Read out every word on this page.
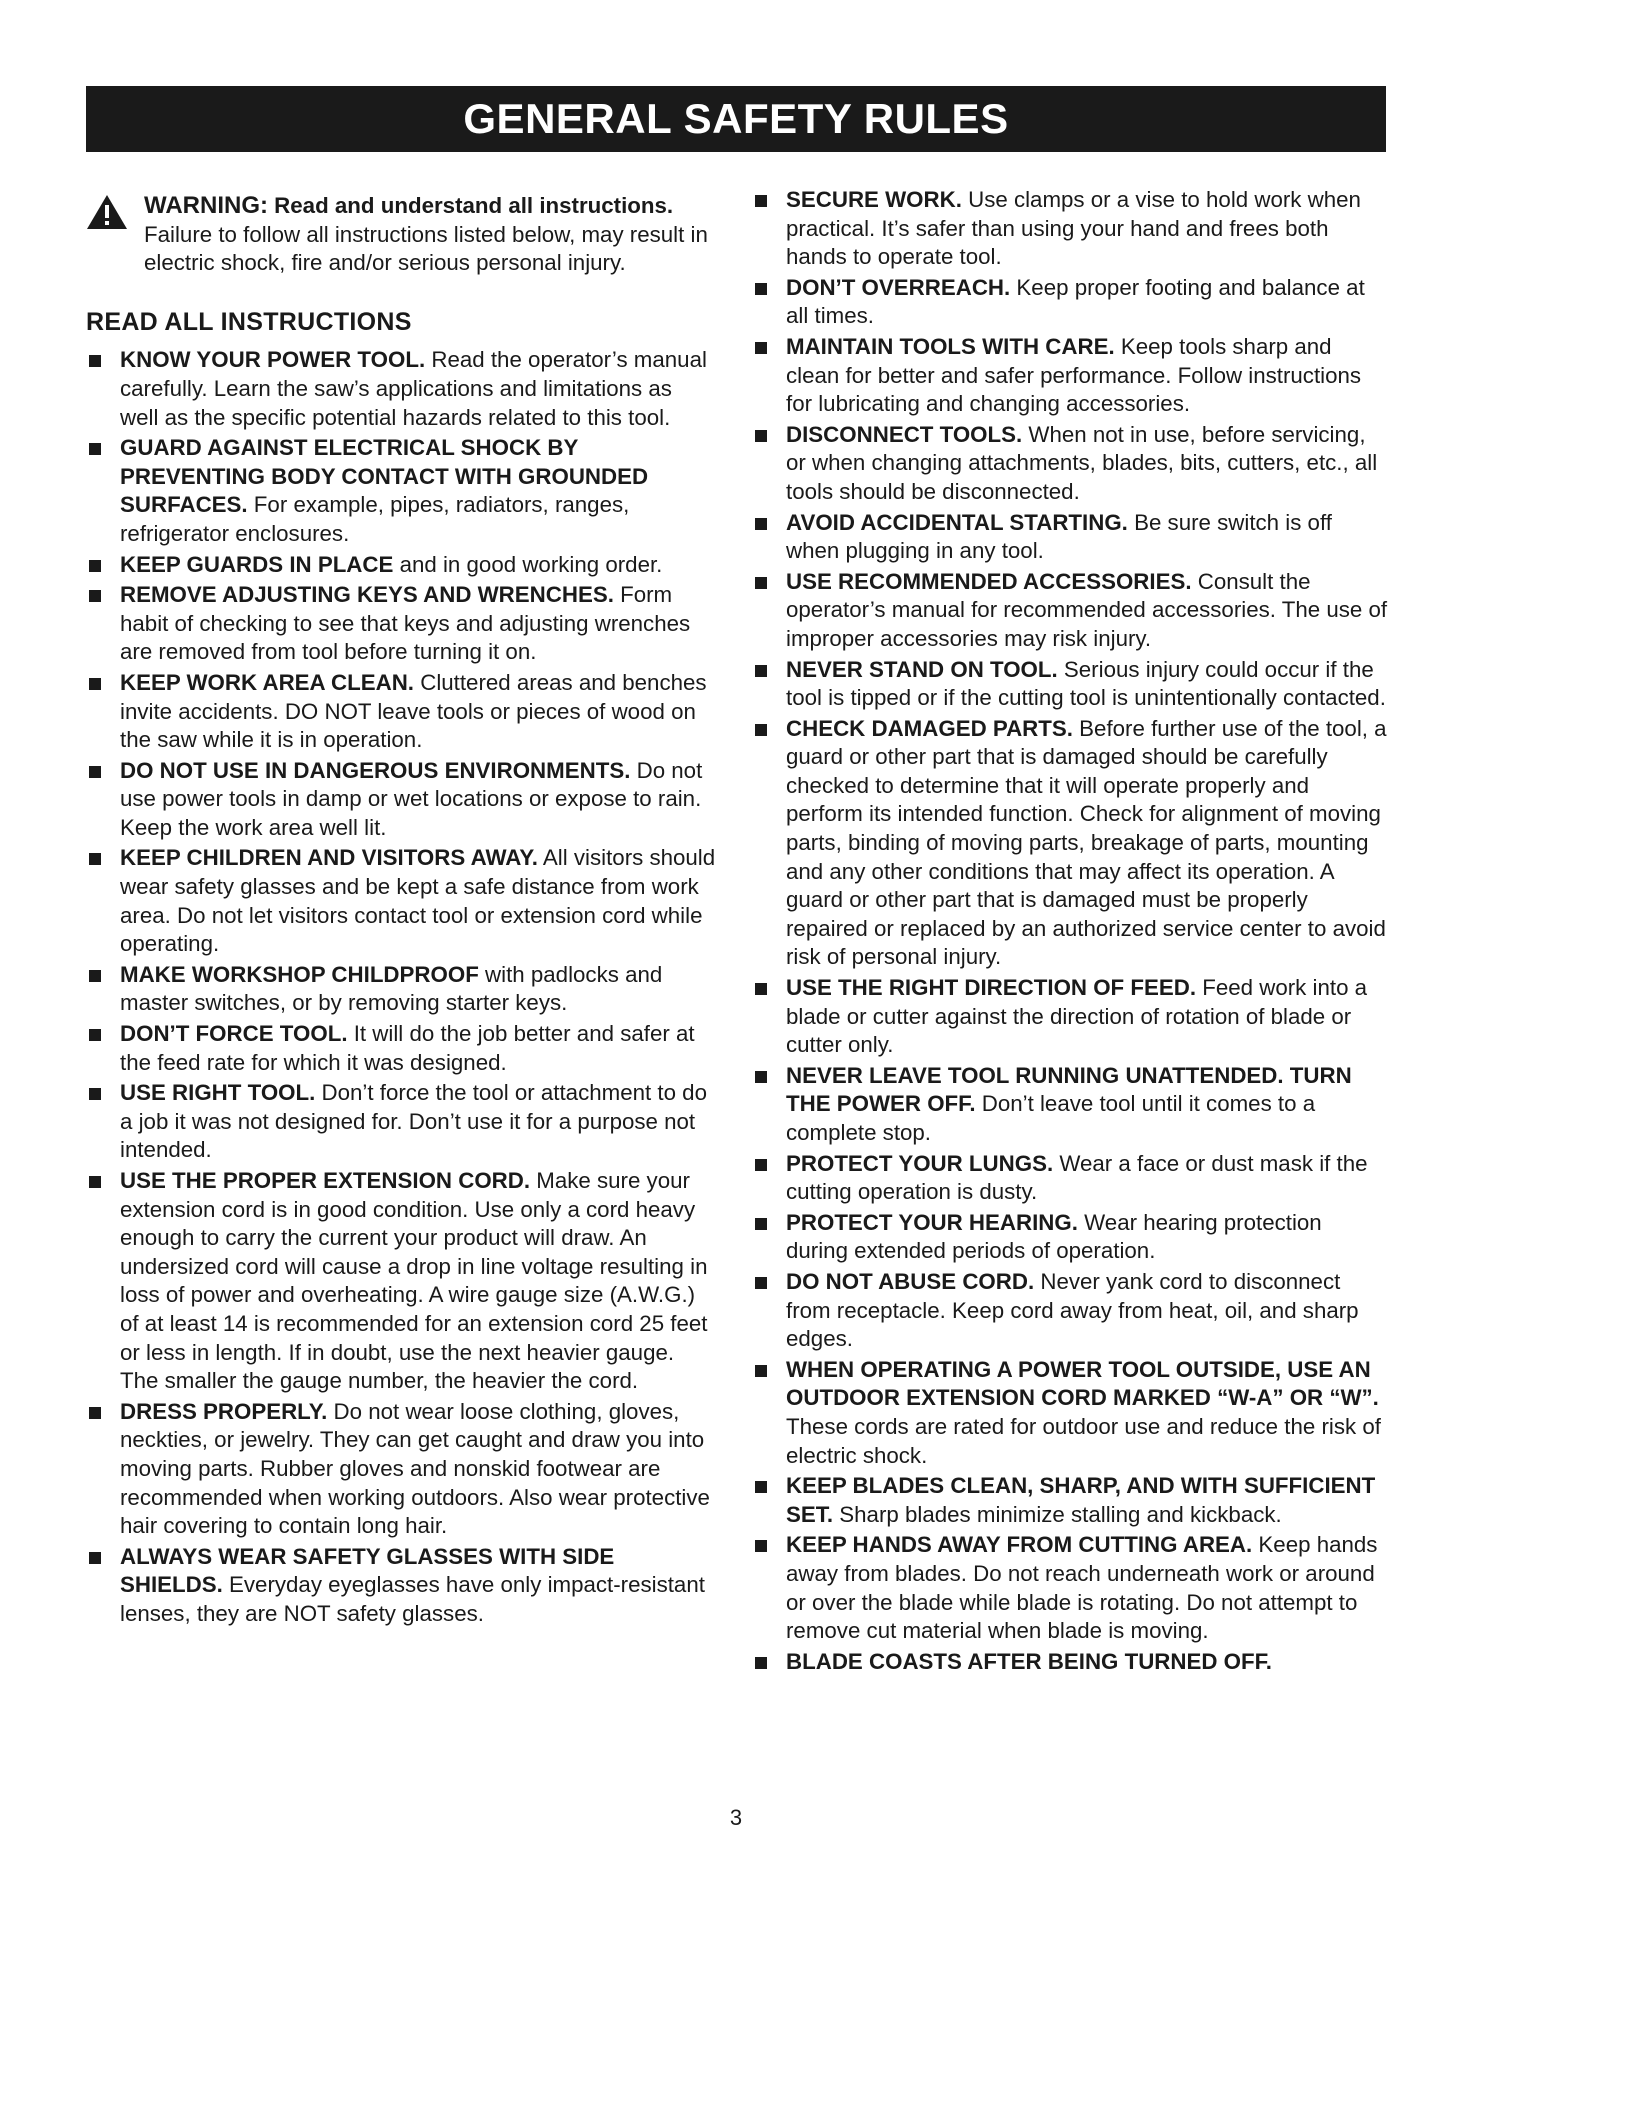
GENERAL SAFETY RULES
WARNING: Read and understand all instructions. Failure to follow all instructions listed below, may result in electric shock, fire and/or serious personal injury.
READ ALL INSTRUCTIONS
KNOW YOUR POWER TOOL. Read the operator’s manual carefully. Learn the saw’s applications and limitations as well as the specific potential hazards related to this tool.
GUARD AGAINST ELECTRICAL SHOCK BY PREVENTING BODY CONTACT WITH GROUNDED SURFACES. For example, pipes, radiators, ranges, refrigerator enclosures.
KEEP GUARDS IN PLACE and in good working order.
REMOVE ADJUSTING KEYS AND WRENCHES. Form habit of checking to see that keys and adjusting wrenches are removed from tool before turning it on.
KEEP WORK AREA CLEAN. Cluttered areas and benches invite accidents. DO NOT leave tools or pieces of wood on the saw while it is in operation.
DO NOT USE IN DANGEROUS ENVIRONMENTS. Do not use power tools in damp or wet locations or expose to rain. Keep the work area well lit.
KEEP CHILDREN AND VISITORS AWAY. All visitors should wear safety glasses and be kept a safe distance from work area. Do not let visitors contact tool or extension cord while operating.
MAKE WORKSHOP CHILDPROOF with padlocks and master switches, or by removing starter keys.
DON’T FORCE TOOL. It will do the job better and safer at the feed rate for which it was designed.
USE RIGHT TOOL. Don’t force the tool or attachment to do a job it was not designed for. Don’t use it for a purpose not intended.
USE THE PROPER EXTENSION CORD. Make sure your extension cord is in good condition. Use only a cord heavy enough to carry the current your product will draw. An undersized cord will cause a drop in line voltage resulting in loss of power and overheating. A wire gauge size (A.W.G.) of at least 14 is recommended for an extension cord 25 feet or less in length. If in doubt, use the next heavier gauge. The smaller the gauge number, the heavier the cord.
DRESS PROPERLY. Do not wear loose clothing, gloves, neckties, or jewelry. They can get caught and draw you into moving parts. Rubber gloves and nonskid footwear are recommended when working outdoors. Also wear protective hair covering to contain long hair.
ALWAYS WEAR SAFETY GLASSES WITH SIDE SHIELDS. Everyday eyeglasses have only impact-resistant lenses, they are NOT safety glasses.
SECURE WORK. Use clamps or a vise to hold work when practical. It’s safer than using your hand and frees both hands to operate tool.
DON’T OVERREACH. Keep proper footing and balance at all times.
MAINTAIN TOOLS WITH CARE. Keep tools sharp and clean for better and safer performance. Follow instructions for lubricating and changing accessories.
DISCONNECT TOOLS. When not in use, before servicing, or when changing attachments, blades, bits, cutters, etc., all tools should be disconnected.
AVOID ACCIDENTAL STARTING. Be sure switch is off when plugging in any tool.
USE RECOMMENDED ACCESSORIES. Consult the operator’s manual for recommended accessories. The use of improper accessories may risk injury.
NEVER STAND ON TOOL. Serious injury could occur if the tool is tipped or if the cutting tool is unintentionally contacted.
CHECK DAMAGED PARTS. Before further use of the tool, a guard or other part that is damaged should be carefully checked to determine that it will operate properly and perform its intended function. Check for alignment of moving parts, binding of moving parts, breakage of parts, mounting and any other conditions that may affect its operation. A guard or other part that is damaged must be properly repaired or replaced by an authorized service center to avoid risk of personal injury.
USE THE RIGHT DIRECTION OF FEED. Feed work into a blade or cutter against the direction of rotation of blade or cutter only.
NEVER LEAVE TOOL RUNNING UNATTENDED. TURN THE POWER OFF. Don’t leave tool until it comes to a complete stop.
PROTECT YOUR LUNGS. Wear a face or dust mask if the cutting operation is dusty.
PROTECT YOUR HEARING. Wear hearing protection during extended periods of operation.
DO NOT ABUSE CORD. Never yank cord to disconnect from receptacle. Keep cord away from heat, oil, and sharp edges.
WHEN OPERATING A POWER TOOL OUTSIDE, USE AN OUTDOOR EXTENSION CORD MARKED “W-A” OR “W”. These cords are rated for outdoor use and reduce the risk of electric shock.
KEEP BLADES CLEAN, SHARP, AND WITH SUFFICIENT SET. Sharp blades minimize stalling and kickback.
KEEP HANDS AWAY FROM CUTTING AREA. Keep hands away from blades. Do not reach underneath work or around or over the blade while blade is rotating. Do not attempt to remove cut material when blade is moving.
BLADE COASTS AFTER BEING TURNED OFF.
3
